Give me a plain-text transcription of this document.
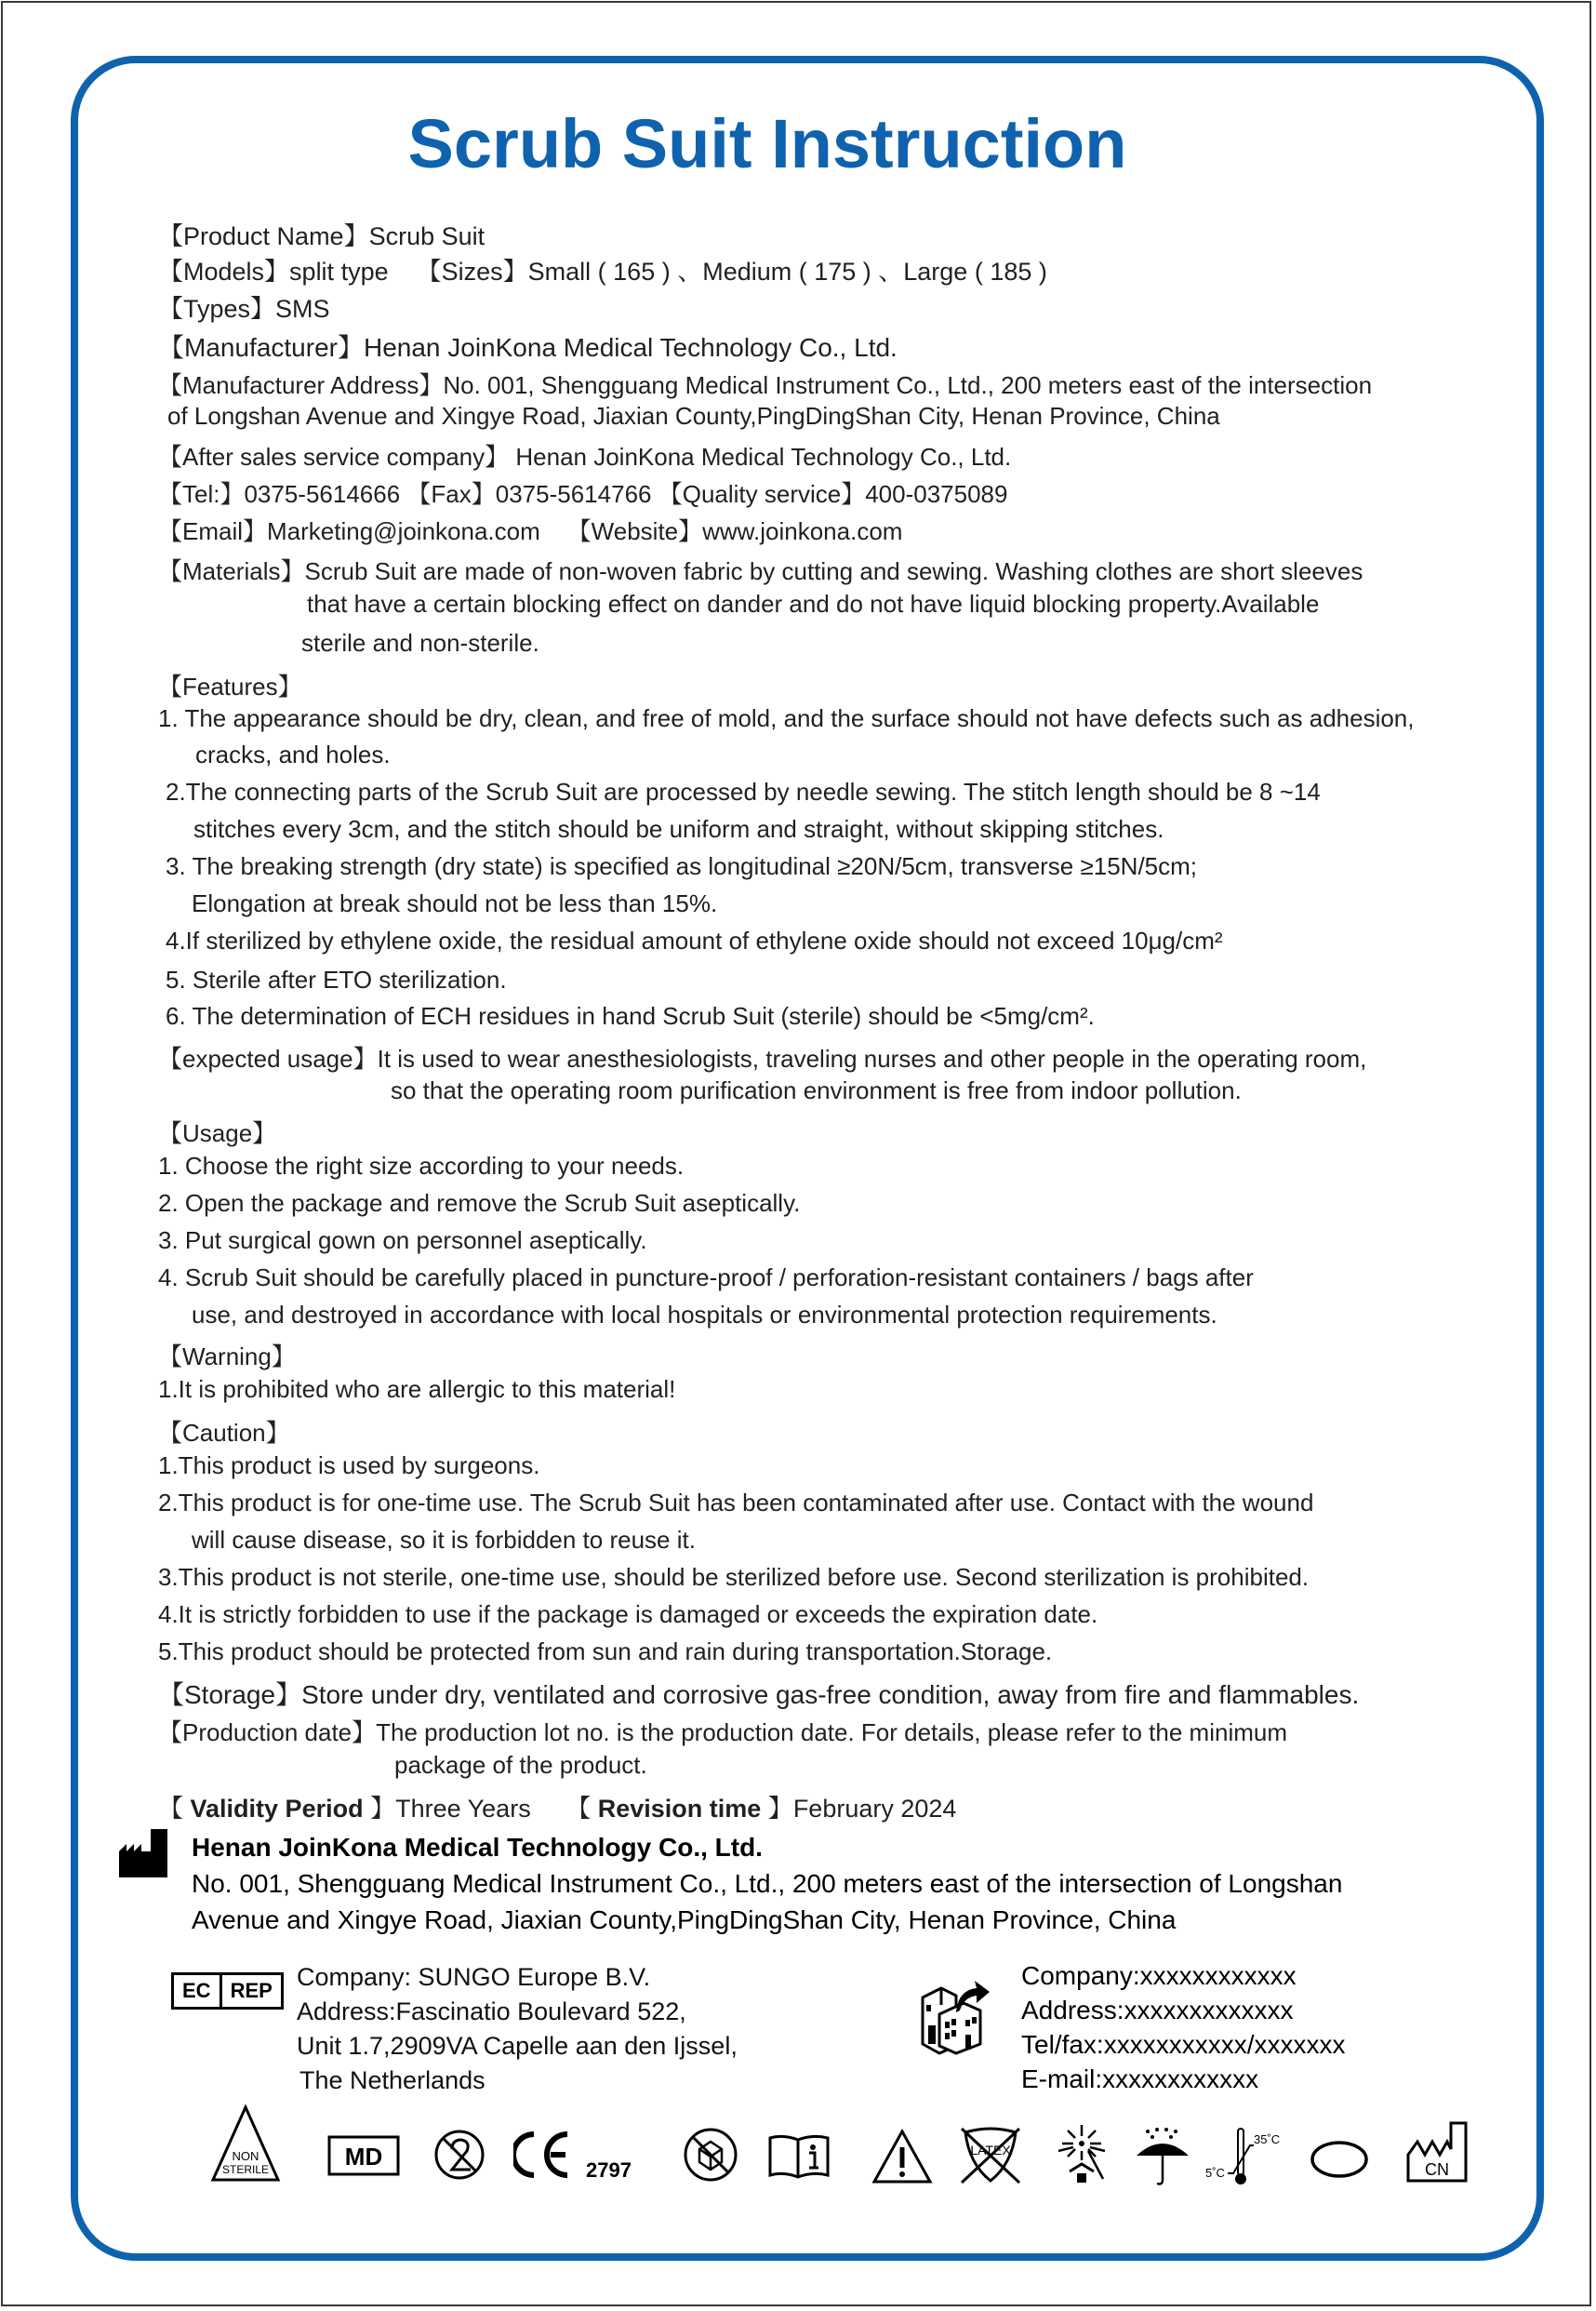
Scrub Suit Instruction
【Product Name】Scrub Suit
【Models】split type 【Sizes】Small ( 165 ) 、Medium ( 175 ) 、Large ( 185 )
【Types】SMS
【Manufacturer】Henan JoinKona Medical Technology Co., Ltd.
【Manufacturer Address】No. 001, Shengguang Medical Instrument Co., Ltd., 200 meters east of the intersection
of Longshan Avenue and Xingye Road, Jiaxian County,PingDingShan City, Henan Province, China
【After sales service company】 Henan JoinKona Medical Technology Co., Ltd.
【Tel:】0375-5614666 【Fax】0375-5614766 【Quality service】400-0375089
【Email】Marketing@joinkona.com 【Website】www.joinkona.com
【Materials】Scrub Suit are made of non-woven fabric by cutting and sewing. Washing clothes are short sleeves
that have a certain blocking effect on dander and do not have liquid blocking property.Available
sterile and non-sterile.
【Features】
1. The appearance should be dry, clean, and free of mold, and the surface should not have defects such as adhesion,
cracks, and holes.
2.The connecting parts of the Scrub Suit are processed by needle sewing. The stitch length should be 8 ~14
stitches every 3cm, and the stitch should be uniform and straight, without skipping stitches.
3. The breaking strength (dry state) is specified as longitudinal ≥20N/5cm, transverse ≥15N/5cm;
Elongation at break should not be less than 15%.
4.If sterilized by ethylene oxide, the residual amount of ethylene oxide should not exceed 10μg/cm²
5. Sterile after ETO sterilization.
6. The determination of ECH residues in hand Scrub Suit (sterile) should be <5mg/cm².
【expected usage】It is used to wear anesthesiologists, traveling nurses and other people in the operating room,
so that the operating room purification environment is free from indoor pollution.
【Usage】
1. Choose the right size according to your needs.
2. Open the package and remove the Scrub Suit aseptically.
3. Put surgical gown on personnel aseptically.
4. Scrub Suit should be carefully placed in puncture-proof / perforation-resistant containers / bags after
use, and destroyed in accordance with local hospitals or environmental protection requirements.
【Warning】
1.It is prohibited who are allergic to this material!
【Caution】
1.This product is used by surgeons.
2.This product is for one-time use. The Scrub Suit has been contaminated after use. Contact with the wound
will cause disease, so it is forbidden to reuse it.
3.This product is not sterile, one-time use, should be sterilized before use. Second sterilization is prohibited.
4.It is strictly forbidden to use if the package is damaged or exceeds the expiration date.
5.This product should be protected from sun and rain during transportation.Storage.
【Storage】Store under dry, ventilated and corrosive gas-free condition, away from fire and flammables.
【Production date】The production lot no. is the production date. For details, please refer to the minimum
package of the product.
【 Validity Period 】Three Years 【 Revision time 】February 2024
Henan JoinKona Medical Technology Co., Ltd.
No. 001, Shengguang Medical Instrument Co., Ltd., 200 meters east of the intersection of Longshan
Avenue and Xingye Road, Jiaxian County,PingDingShan City, Henan Province, China
EC REP Company: SUNGO Europe B.V.
Address:Fascinatio Boulevard 522,
Unit 1.7,2909VA Capelle aan den Ijssel,
The Netherlands
Company:xxxxxxxxxxxx
Address:xxxxxxxxxxxxx
Tel/fax:xxxxxxxxxxx/xxxxxxx
E-mail:xxxxxxxxxxxx
NON
STERILE	MD	2797
LATEX
35˚C
5˚C	CN
